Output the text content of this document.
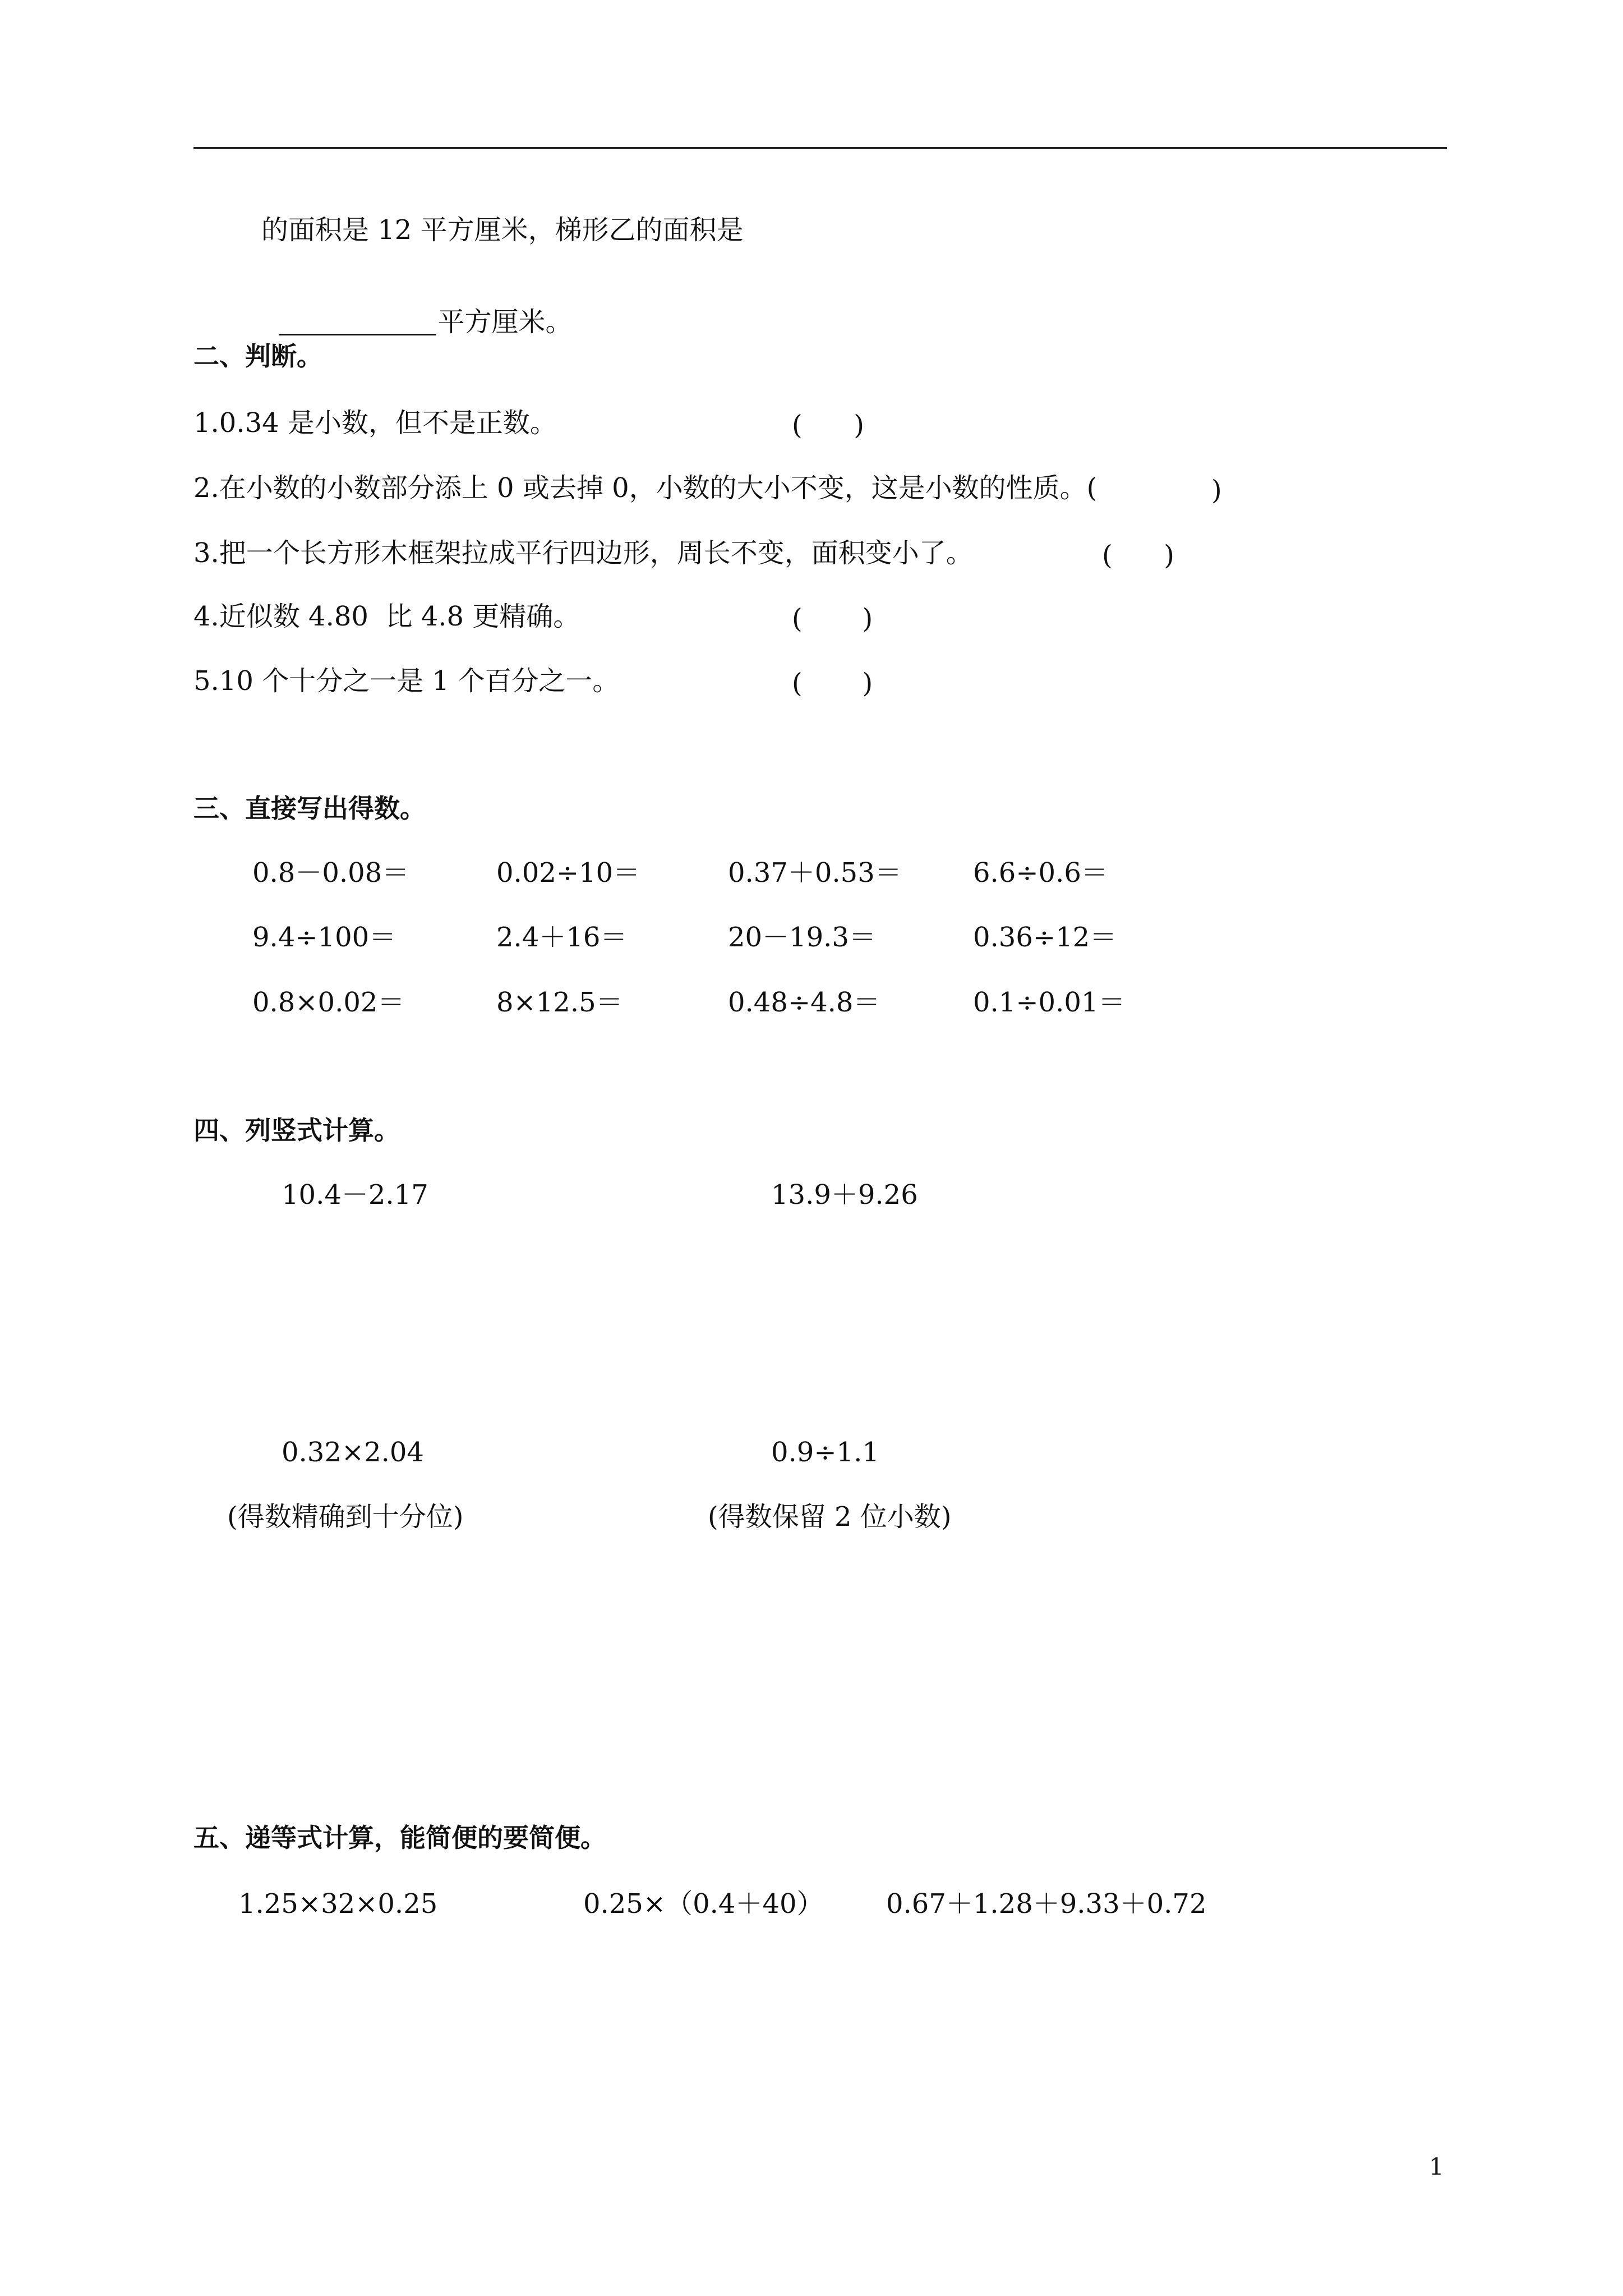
的面积是 12 平方厘米，梯形乙的面积是

平方厘米。

二、判断。
1.0.34 是小数，但不是正数。	(      )
2.在小数的小数部分添上 0 或去掉 0，小数的大小不变，这是小数的性质。(	)
3.把一个长方形木框架拉成平行四边形，周长不变，面积变小了。	(      )
4.近似数 4.80  比 4.8 更精确。	(       )
5.10 个十分之一是 1 个百分之一。	(       )
三、直接写出得数。
0.8－0.08＝	0.02÷10＝	0.37＋0.53＝	6.6÷0.6＝
9.4÷100＝	2.4＋16＝	20－19.3＝	0.36÷12＝
0.8×0.02＝	8×12.5＝	0.48÷4.8＝	0.1÷0.01＝
四、列竖式计算。
10.4－2.17	13.9＋9.26
0.32×2.04	0.9÷1.1
(得数精确到十分位)	(得数保留 2 位小数)
五、递等式计算，能简便的要简便。
1.25×32×0.25	0.25×（0.4＋40） 0.67＋1.28＋9.33＋0.72
1
